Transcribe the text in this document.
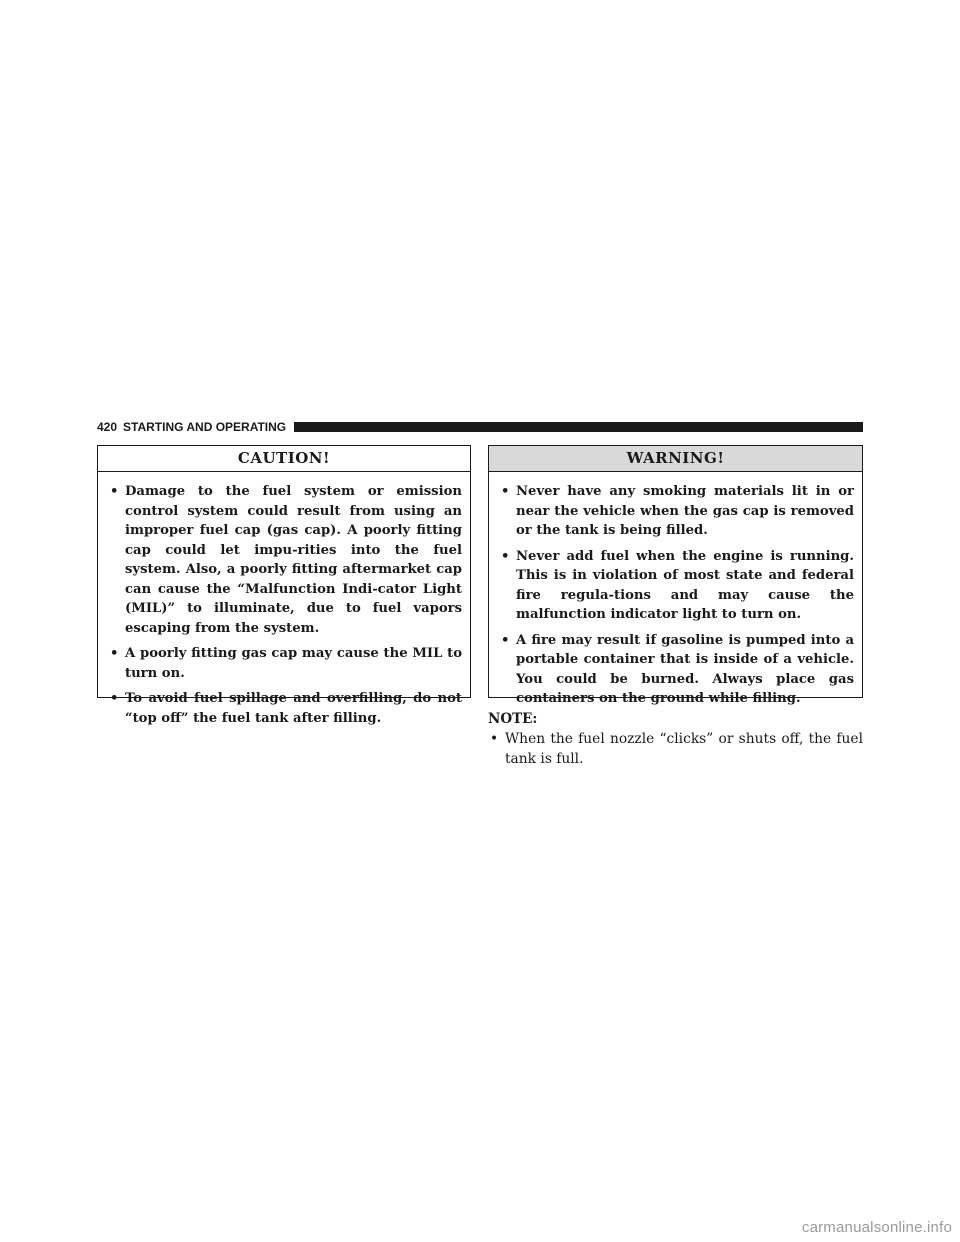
420 STARTING AND OPERATING
CAUTION!
• Damage to the fuel system or emission control system could result from using an improper fuel cap (gas cap). A poorly fitting cap could let impu-rities into the fuel system. Also, a poorly fitting aftermarket cap can cause the “Malfunction Indi-cator Light (MIL)” to illuminate, due to fuel vapors escaping from the system.
• A poorly fitting gas cap may cause the MIL to turn on.
• To avoid fuel spillage and overfilling, do not “top off” the fuel tank after filling.
WARNING!
• Never have any smoking materials lit in or near the vehicle when the gas cap is removed or the tank is being filled.
• Never add fuel when the engine is running. This is in violation of most state and federal fire regula-tions and may cause the malfunction indicator light to turn on.
• A fire may result if gasoline is pumped into a portable container that is inside of a vehicle. You could be burned. Always place gas containers on the ground while filling.
NOTE:
• When the fuel nozzle “clicks” or shuts off, the fuel tank is full.
carmanualsonline.info
